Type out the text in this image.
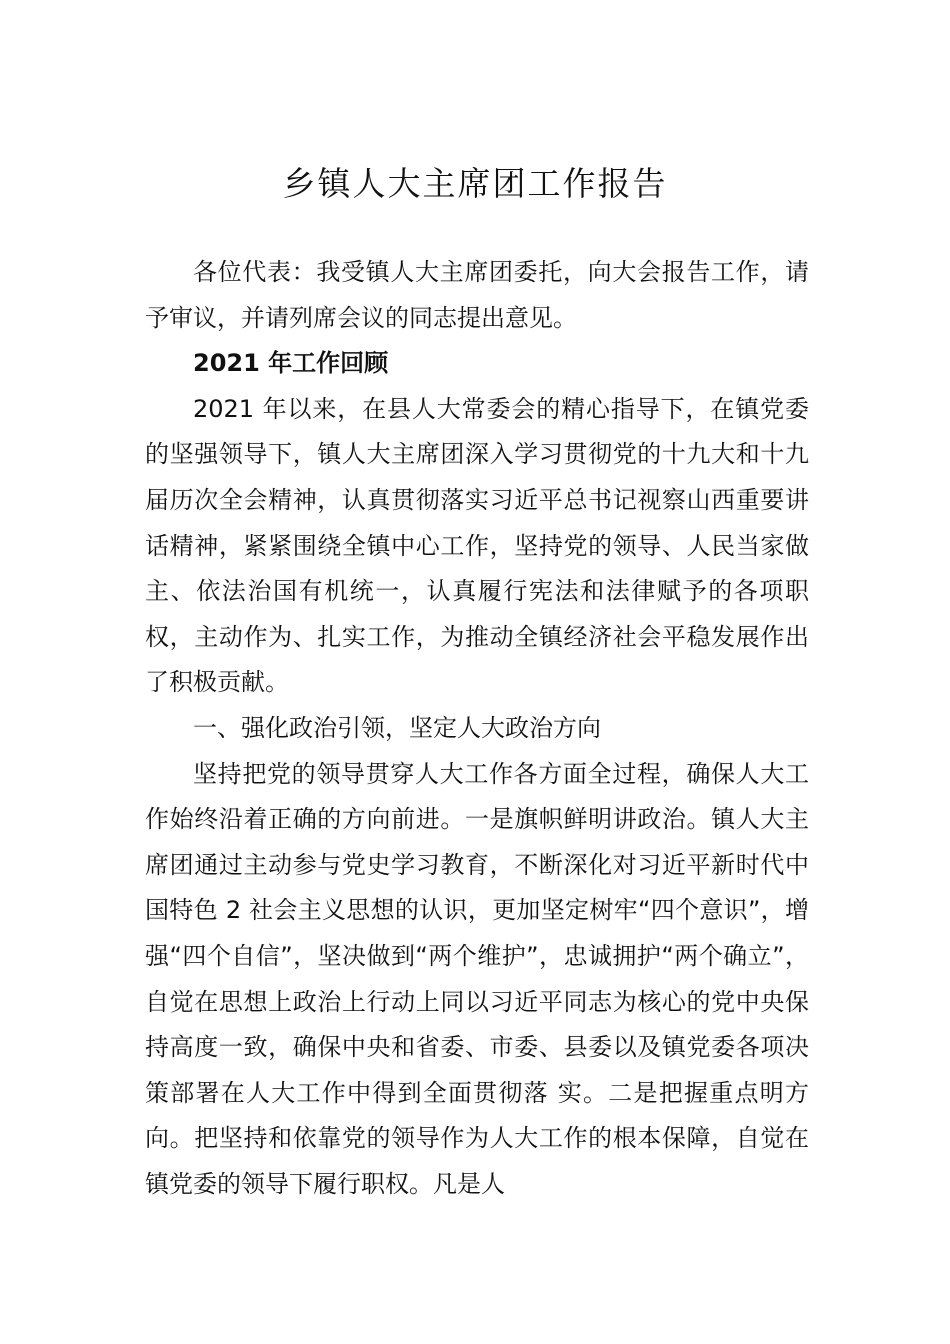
乡镇人大主席团工作报告

各位代表：我受镇人大主席团委托，向大会报告工作，请予审议，并请列席会议的同志提出意见。

2021 年工作回顾

2021 年以来，在县人大常委会的精心指导下，在镇党委的坚强领导下，镇人大主席团深入学习贯彻党的十九大和十九届历次全会精神，认真贯彻落实习近平总书记视察山西重要讲话精神，紧紧围绕全镇中心工作，坚持党的领导、人民当家做主、依法治国有机统一，认真履行宪法和法律赋予的各项职权，主动作为、扎实工作，为推动全镇经济社会平稳发展作出了积极贡献。

一、强化政治引领，坚定人大政治方向

坚持把党的领导贯穿人大工作各方面全过程，确保人大工作始终沿着正确的方向前进。一是旗帜鲜明讲政治。镇人大主席团通过主动参与党史学习教育，不断深化对习近平新时代中国特色 2 社会主义思想的认识，更加坚定树牢“四个意识”，增强“四个自信”，坚决做到“两个维护”，忠诚拥护“两个确立”，自觉在思想上政治上行动上同以习近平同志为核心的党中央保持高度一致，确保中央和省委、市委、县委以及镇党委各项决策部署在人大工作中得到全面贯彻落 实。二是把握重点明方向。把坚持和依靠党的领导作为人大工作的根本保障，自觉在镇党委的领导下履行职权。凡是人
